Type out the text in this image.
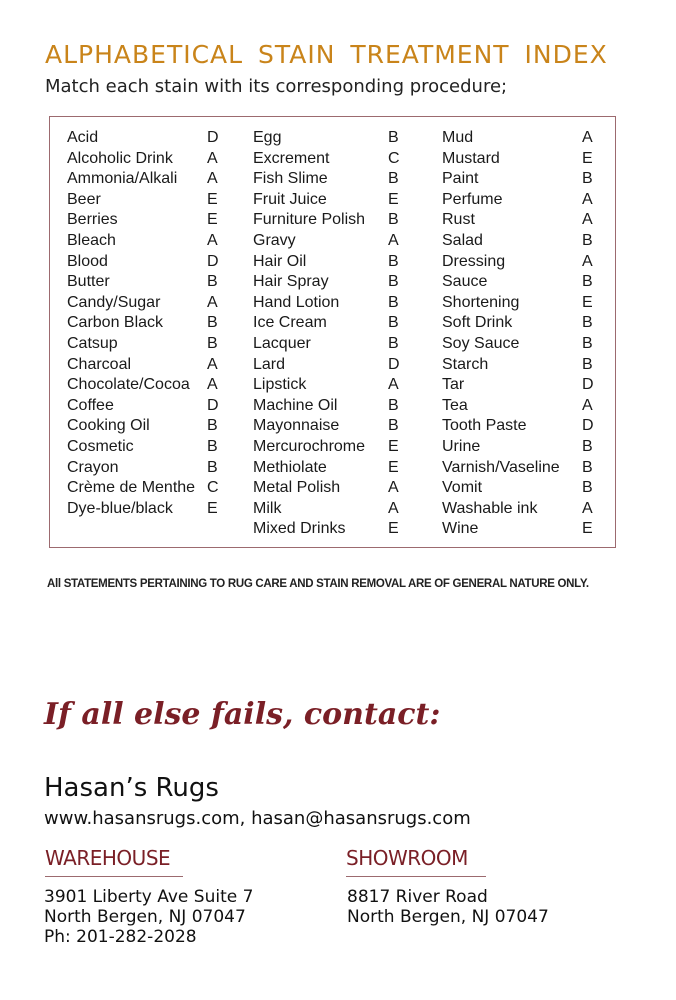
ALPHABETICAL STAIN TREATMENT INDEX
Match each stain with its corresponding procedure;
Acid	D
Alcoholic Drink A
Ammonia/Alkali A
Beer	E
Berries	E
Bleach	A
Blood	D
Butter	B
Candy/Sugar	A
Carbon Black	B
Catsup	B
Charcoal	A
Chocolate/Cocoa A
Coffee	D
Cooking Oil	B
Cosmetic	B
Crayon	B
Crème de Menthe C
Dye-blue/black E
Egg	B
Excrement	C
Fish Slime	B
Fruit Juice	E
Furniture Polish B
Gravy	A
Hair Oil	B
Hair Spray	B
Hand Lotion	B
Ice Cream	B
Lacquer	B
Lard	D
Lipstick	A
Machine Oil	B
Mayonnaise	B
Mercurochrome E
Methiolate	E
Metal Polish	A
Milk	A
Mixed Drinks	E
Mud	A
Mustard	E
Paint	B
Perfume	A
Rust	A
Salad	B
Dressing	A
Sauce	B
Shortening	E
Soft Drink	B
Soy Sauce	B
Starch	B
Tar	D
Tea	A
Tooth Paste	D
Urine	B
Varnish/Vaseline B
Vomit	B
Washable ink	A
Wine	E
All STATEMENTS PERTAINING TO RUG CARE AND STAIN REMOVAL ARE OF GENERAL NATURE ONLY.
If all else fails, contact:
Hasan’s Rugs
www.hasansrugs.com, hasan@hasansrugs.com
WAREHOUSE
3901 Liberty Ave Suite 7
North Bergen, NJ 07047
Ph: 201-282-2028
SHOWROOM
8817 River Road
North Bergen, NJ 07047
